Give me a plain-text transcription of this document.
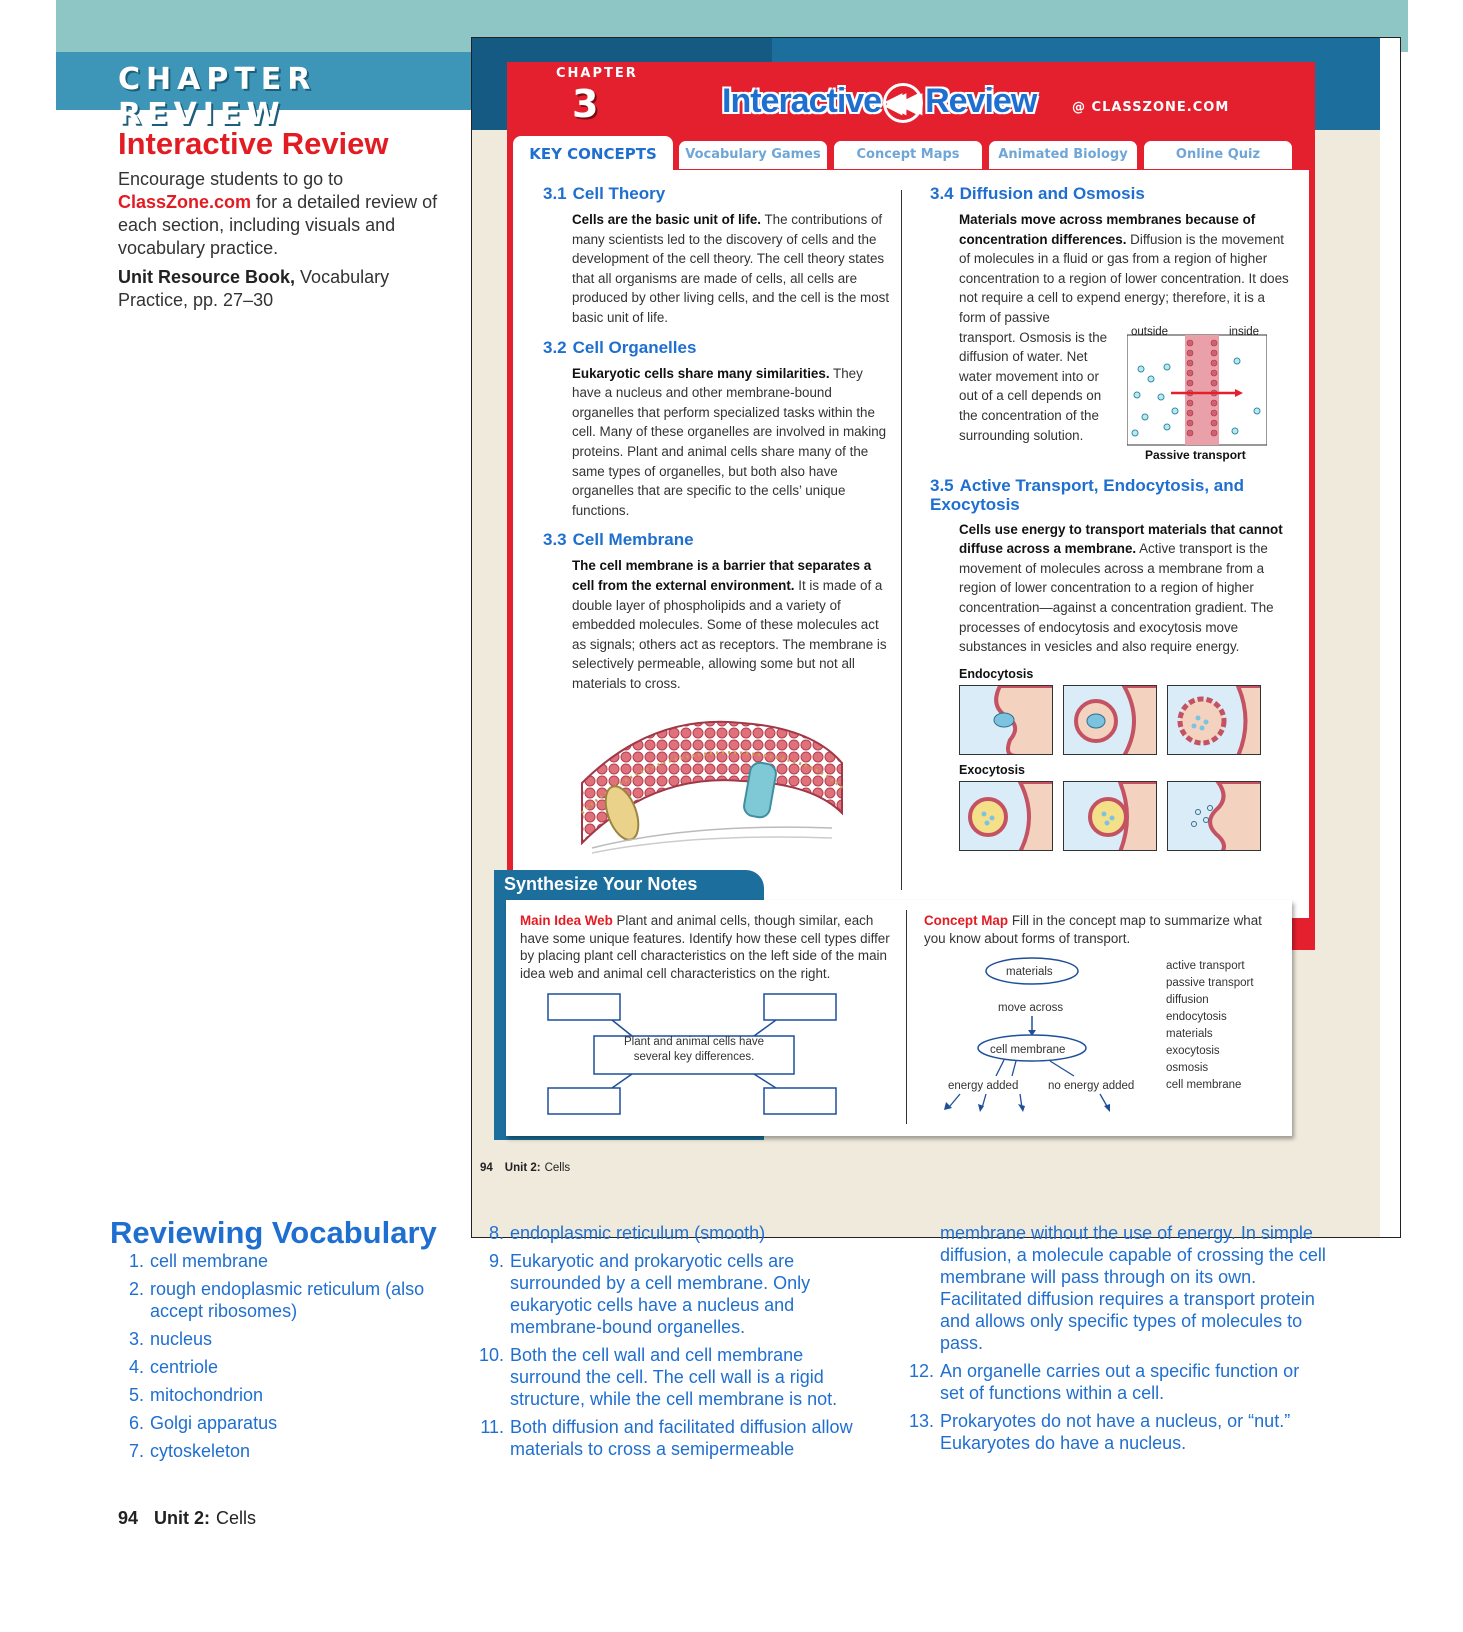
CHAPTER REVIEW
Interactive Review

Encourage students to go to
ClassZone.com for a detailed review of each section, including visuals and vocabulary practice.

Unit Resource Book, Vocabulary Practice, pp. 27–30

CHAPTER
3	Interactive ◀◀ Review	@ CLASSZONE.COM
KEY CONCEPTS	Vocabulary Games	Concept Maps	Animated Biology	Online Quiz
3.1 Cell Theory
Cells are the basic unit of life. The contributions of many scientists led to the discovery of cells and the development of the cell theory. The cell theory states that all organisms are made of cells, all cells are produced by other living cells, and the cell is the most basic unit of life.
3.2 Cell Organelles
Eukaryotic cells share many similarities. They have a nucleus and other membrane-bound organelles that perform specialized tasks within the cell. Many of these organelles are involved in making proteins. Plant and animal cells share many of the same types of organelles, but both also have organelles that are specific to the cells’ unique functions.
3.3 Cell Membrane
The cell membrane is a barrier that separates a cell from the external environment. It is made of a double layer of phospholipids and a variety of embedded molecules. Some of these molecules act as signals; others act as receptors. The membrane is selectively permeable, allowing some but not all materials to cross.
3.4 Diffusion and Osmosis
Materials move across membranes because of concentration differences. Diffusion is the movement of molecules in a fluid or gas from a region of higher concentration to a region of lower concentration. It does not require a cell to expend energy; therefore, it is a form of passive
transport. Osmosis is the diffusion of water. Net water movement into or out of a cell depends on the concentration of the surrounding solution.
outside	inside
Passive transport
3.5 Active Transport, Endocytosis, and Exocytosis
Cells use energy to transport materials that cannot diffuse across a membrane. Active transport is the movement of molecules across a membrane from a region of lower concentration to a region of higher concentration—against a concentration gradient. The processes of endocytosis and exocytosis move substances in vesicles and also require energy.
Endocytosis
Exocytosis
Synthesize Your Notes
Main Idea Web Plant and animal cells, though similar, each have some unique features. Identify how these cell types differ by placing plant cell characteristics on the left side of the main idea web and animal cell characteristics on the right.
Plant and animal cells have several key differences.
Concept Map Fill in the concept map to summarize what you know about forms of transport.
materials
move across
cell membrane
energy added	no energy added
active transport
passive transport
diffusion
endocytosis
materials
exocytosis
osmosis
cell membrane
94 Unit 2: Cells
Reviewing Vocabulary
1. cell membrane
2. rough endoplasmic reticulum (also accept ribosomes)
3. nucleus
4. centriole
5. mitochondrion
6. Golgi apparatus
7. cytoskeleton
8. endoplasmic reticulum (smooth)
9. Eukaryotic and prokaryotic cells are surrounded by a cell membrane. Only eukaryotic cells have a nucleus and membrane-bound organelles.
10. Both the cell wall and cell membrane surround the cell. The cell wall is a rigid structure, while the cell membrane is not.
11. Both diffusion and facilitated diffusion allow materials to cross a semipermeable

membrane without the use of energy. In simple diffusion, a molecule capable of crossing the cell membrane will pass through on its own. Facilitated diffusion requires a transport protein and allows only specific types of molecules to pass.

12. An organelle carries out a specific function or set of functions within a cell.
13. Prokaryotes do not have a nucleus, or “nut.” Eukaryotes do have a nucleus.
94 Unit 2: Cells
